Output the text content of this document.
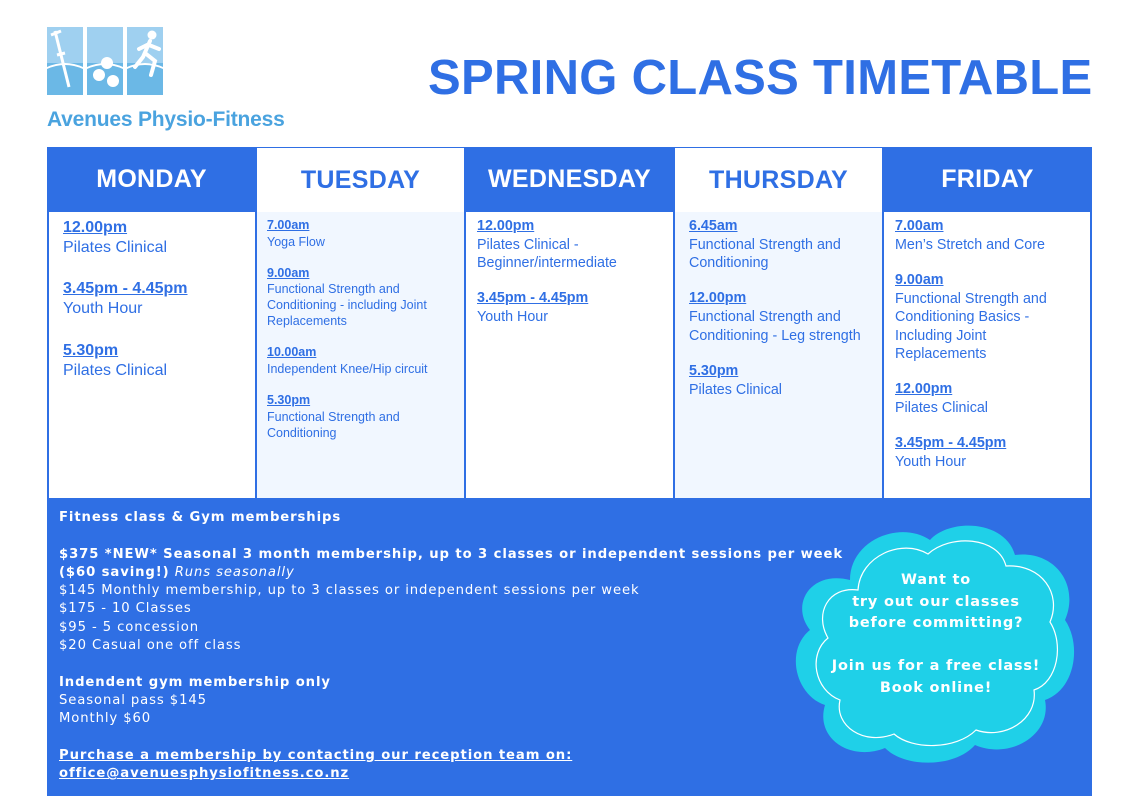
Avenues Physio-Fitness
SPRING CLASS TIMETABLE
MONDAY
12.00pm
Pilates Clinical
3.45pm - 4.45pm
Youth Hour
5.30pm
Pilates Clinical
TUESDAY
7.00am
Yoga Flow
9.00am
Functional Strength and Conditioning - including Joint Replacements
10.00am
Independent Knee/Hip circuit
5.30pm
Functional Strength and Conditioning
WEDNESDAY
12.00pm
Pilates Clinical - Beginner/intermediate
3.45pm - 4.45pm
Youth Hour
THURSDAY
6.45am
Functional Strength and Conditioning
12.00pm
Functional Strength and Conditioning - Leg strength
5.30pm
Pilates Clinical
FRIDAY
7.00am
Men’s Stretch and Core
9.00am
Functional Strength and Conditioning Basics - Including Joint Replacements
12.00pm
Pilates Clinical
3.45pm - 4.45pm
Youth Hour

Fitness class & Gym memberships

$375 *NEW* Seasonal 3 month membership, up to 3 classes or independent sessions per week

($60 saving!) Runs seasonally

$145 Monthly membership, up to 3 classes or independent sessions per week

$175 - 10 Classes

$95 - 5 concession

$20 Casual one off class

Indendent gym membership only

Seasonal pass $145

Monthly $60

Purchase a membership by contacting our reception team on:

office@avenuesphysiofitness.co.nz

Want to

try out our classes

before committing?

Join us for a free class!

Book online!
